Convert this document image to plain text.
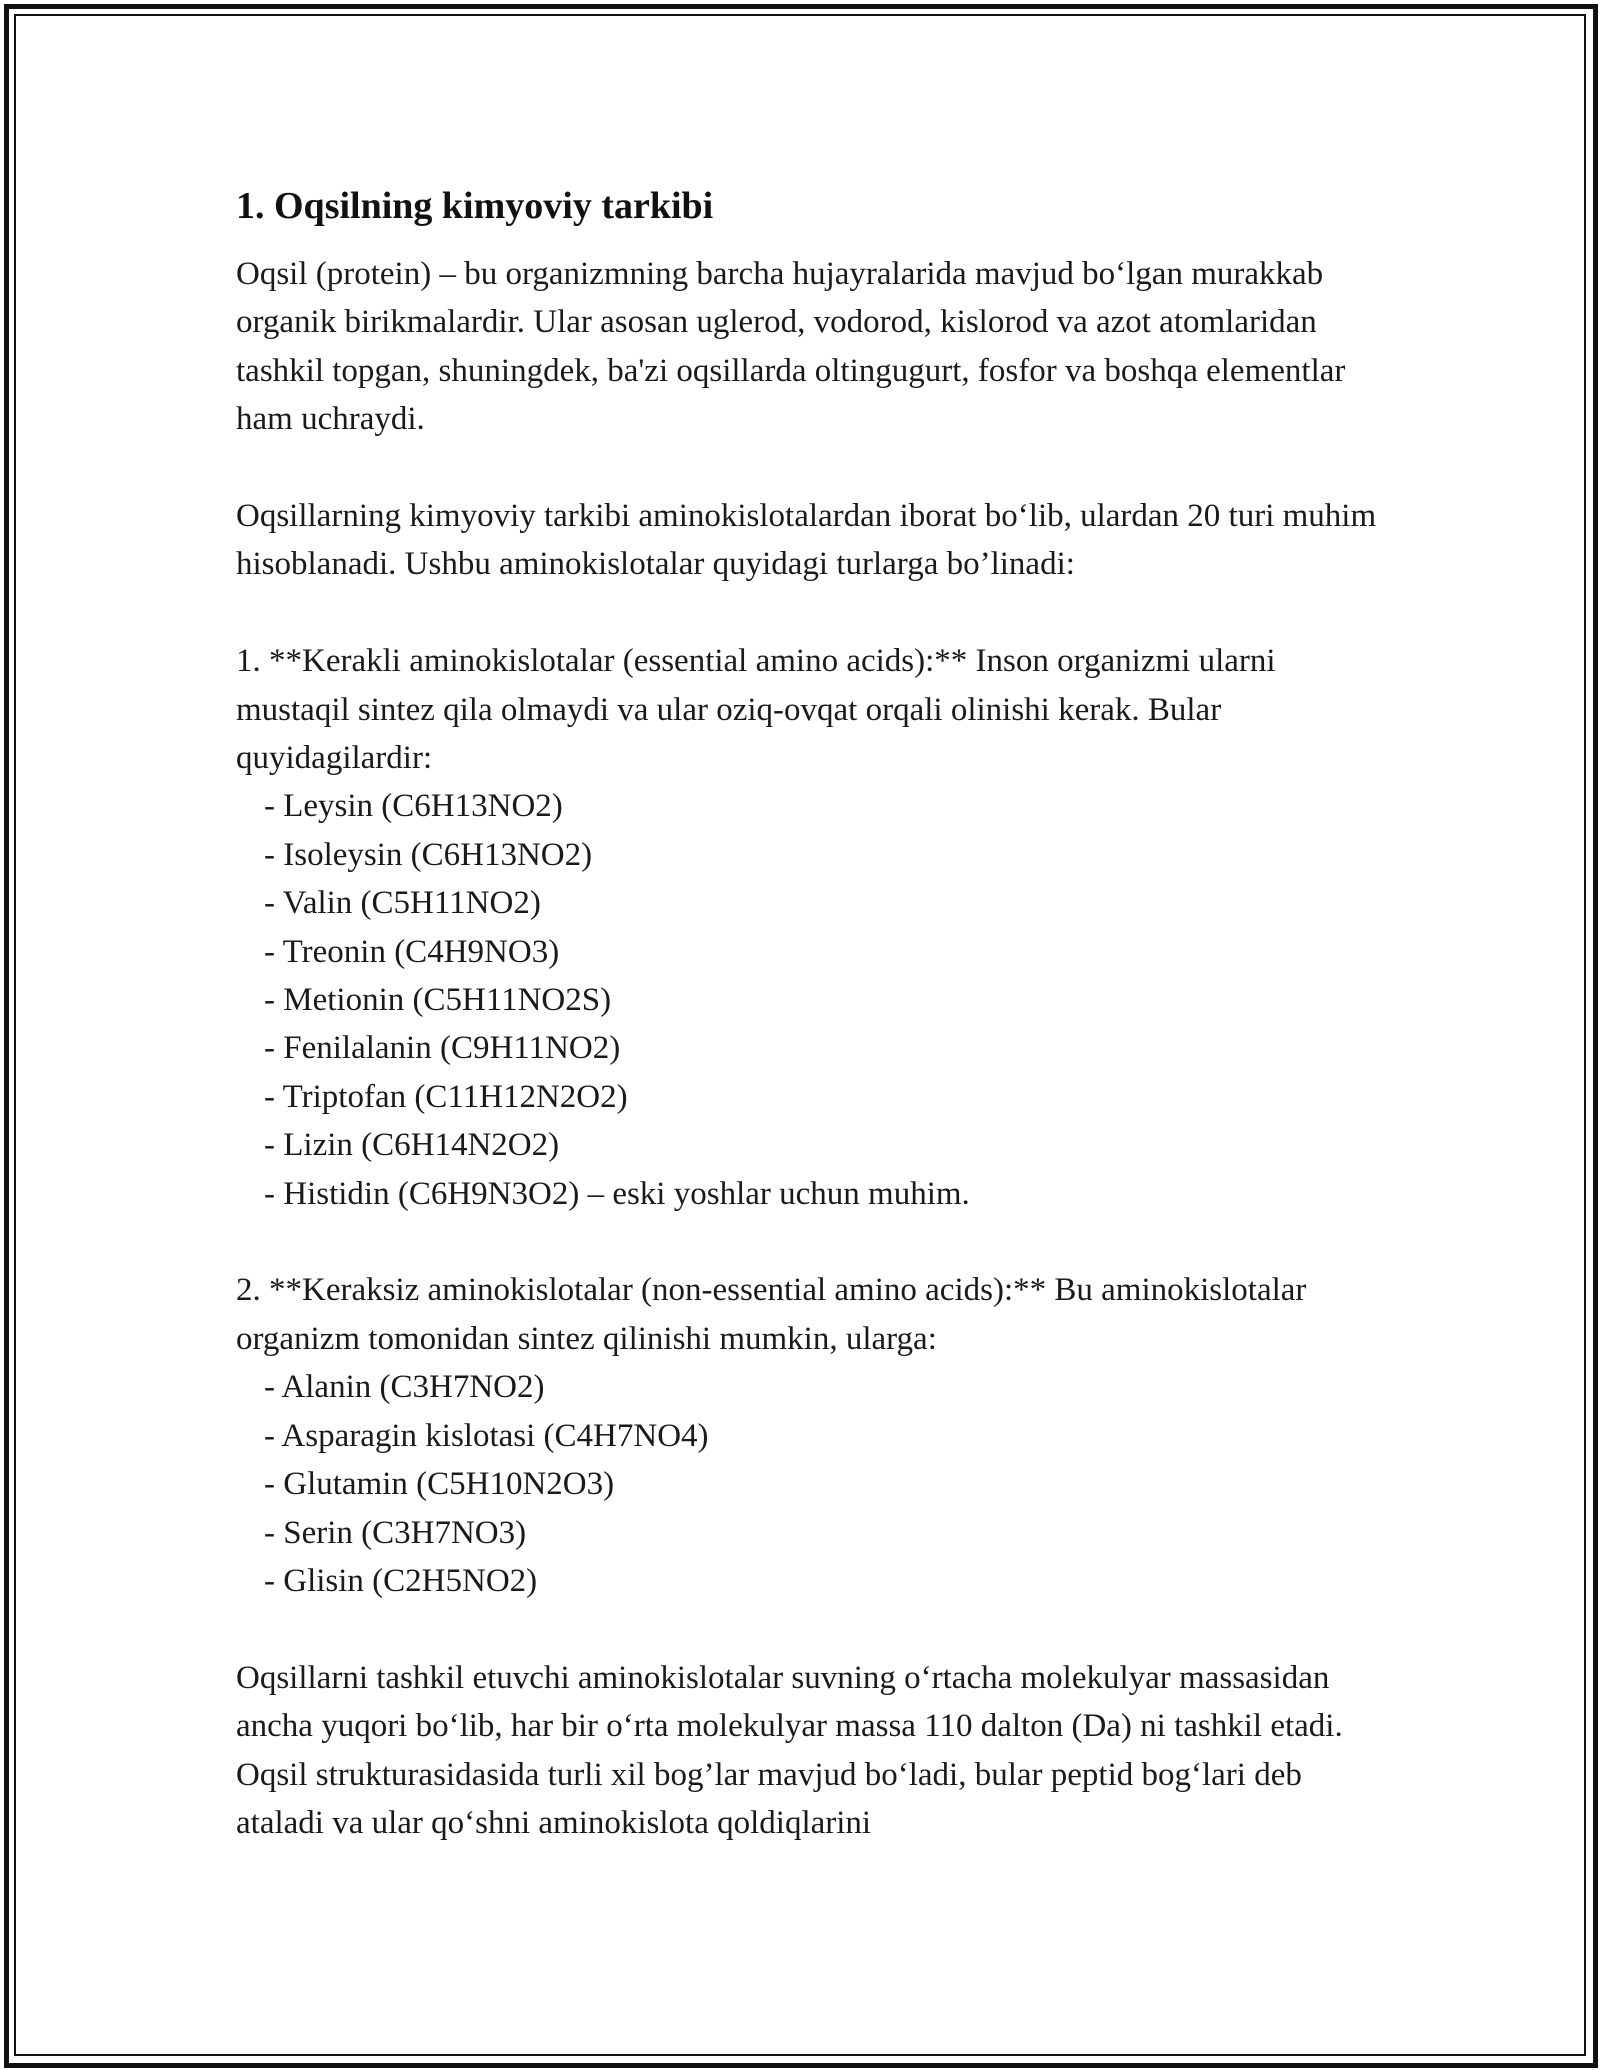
1. Oqsilning kimyoviy tarkibi

Oqsil (protein) – bu organizmning barcha hujayralarida mavjud bo‘lgan murakkab organik birikmalardir. Ular asosan uglerod, vodorod, kislorod va azot atomlaridan tashkil topgan, shuningdek, ba'zi oqsillarda oltingugurt, fosfor va boshqa elementlar ham uchraydi.

Oqsillarning kimyoviy tarkibi aminokislotalardan iborat bo‘lib, ulardan 20 turi muhim hisoblanadi. Ushbu aminokislotalar quyidagi turlarga bo’linadi:

1. **Kerakli aminokislotalar (essential amino acids):** Inson organizmi ularni mustaqil sintez qila olmaydi va ular oziq-ovqat orqali olinishi kerak. Bular quyidagilardir:

- Leysin (C6H13NO2)
- Isoleysin (C6H13NO2)
- Valin (C5H11NO2)
- Treonin (C4H9NO3)
- Metionin (C5H11NO2S)
- Fenilalanin (C9H11NO2)
- Triptofan (C11H12N2O2)
- Lizin (C6H14N2O2)
- Histidin (C6H9N3O2) – eski yoshlar uchun muhim.

2. **Keraksiz aminokislotalar (non-essential amino acids):** Bu aminokislotalar organizm tomonidan sintez qilinishi mumkin, ularga:

- Alanin (C3H7NO2)
- Asparagin kislotasi (C4H7NO4)
- Glutamin (C5H10N2O3)
- Serin (C3H7NO3)
- Glisin (C2H5NO2)

Oqsillarni tashkil etuvchi aminokislotalar suvning o‘rtacha molekulyar massasidan ancha yuqori bo‘lib, har bir o‘rta molekulyar massa 110 dalton (Da) ni tashkil etadi. Oqsil strukturasidasida turli xil bog’lar mavjud bo‘ladi, bular peptid bog‘lari deb ataladi va ular qo‘shni aminokislota qoldiqlarini
